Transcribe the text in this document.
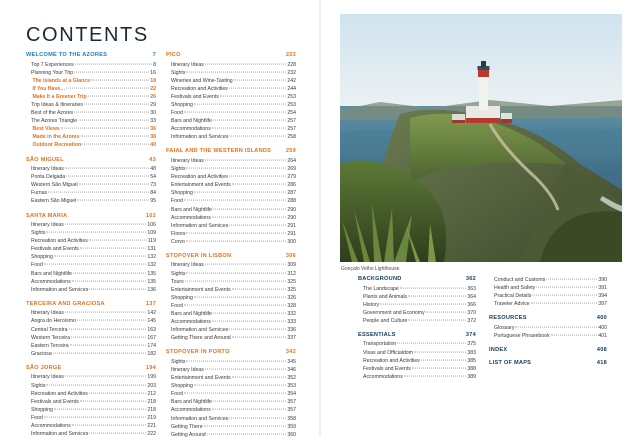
CONTENTS
WELCOME TO THE AZORES	7
Top 7 Experiences	8
Planning Your Trip	16
The Islands at a Glance	18
If You Have…	22
Make It a Greener Trip	26
Trip Ideas & Itineraries	29
Best of the Azores	30
The Azores Triangle	33
Best Views	36
Made in the Azores	38
Outdoor Recreation	40
SÃO MIGUEL	43
Itinerary Ideas	48
Ponta Delgada	54
Western São Miguel	73
Furnas	84
Eastern São Miguel	95
SANTA MARIA	102
Itinerary Ideas	106
Sights	109
Recreation and Activities	119
Festivals and Events	131
Shopping	132
Food	132
Bars and Nightlife	135
Accommodations	135
Information and Services	136
TERCEIRA AND GRACIOSA	137
Itinerary Ideas	142
Angra do Heroísmo	145
Central Terceira	163
Western Terceira	167
Eastern Terceira	174
Graciosa	182
SÃO JORGE	194
Itinerary Ideas	199
Sights	203
Recreation and Activities	212
Festivals and Events	218
Shopping	218
Food	219
Accommodations	221
Information and Services	222
PICO	223
Itinerary Ideas	228
Sights	232
Wineries and Wine-Tasting	242
Recreation and Activities	244
Festivals and Events	253
Shopping	253
Food	254
Bars and Nightlife	257
Accommodations	257
Information and Services	258
FAIAL AND THE WESTERN ISLANDS	259
Itinerary Ideas	264
Sights	269
Recreation and Activities	279
Entertainment and Events	286
Shopping	287
Food	288
Bars and Nightlife	290
Accommodations	290
Information and Services	291
Flores	291
Corvo	300
STOPOVER IN LISBON	306
Itinerary Ideas	309
Sights	312
Tours	325
Entertainment and Events	325
Shopping	326
Food	328
Bars and Nightlife	332
Accommodations	333
Information and Services	336
Getting There and Around	337
STOPOVER IN PORTO	342
Sights	345
Itinerary Ideas	346
Entertainment and Events	352
Shopping	353
Food	354
Bars and Nightlife	357
Accommodations	357
Information and Services	358
Getting There	359
Getting Around	360
Gonçalo Velho Lighthouse
BACKGROUND	362
The Landscape	363
Plants and Animals	364
History	366
Government and Economy	370
People and Culture	372
ESSENTIALS	374
Transportation	375
Visas and Officialdom	383
Recreation and Activities	385
Festivals and Events	388
Accommodations	389
Conduct and Customs	390
Health and Safety	391
Practical Details	394
Traveler Advice	397
RESOURCES	400
Glossary	400
Portuguese Phrasebook	401
INDEX	408
LIST OF MAPS	418
